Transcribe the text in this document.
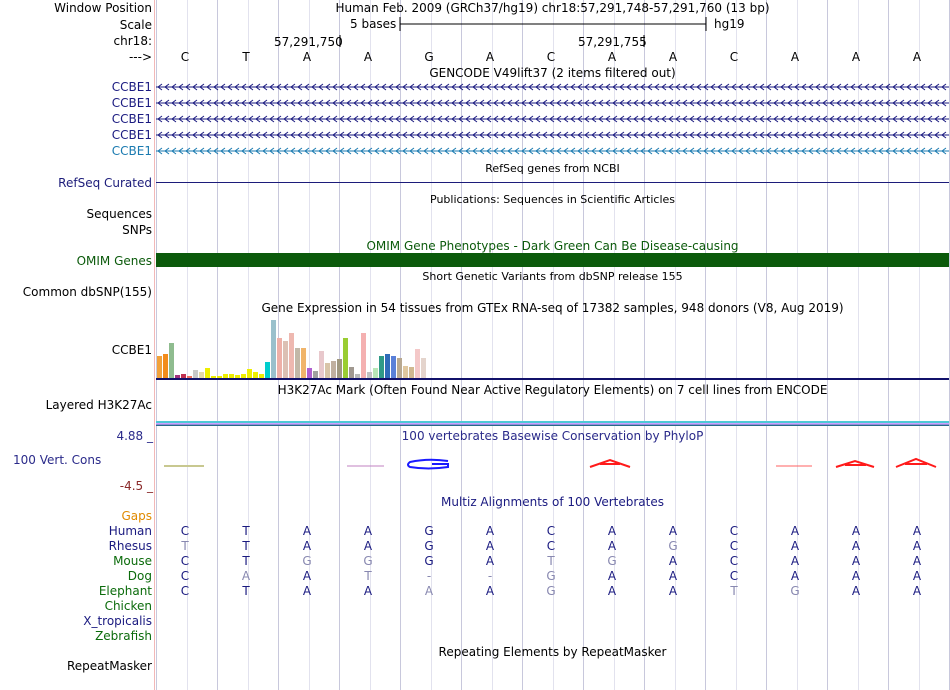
Window Position	Human Feb. 2009 (GRCh37/hg19) chr18:57,291,748-57,291,760 (13 bp)
Scale	5 bases	hg19
chr18:	57,291,750	57,291,755
--->	C	T	A	A	G	A	C	A	A	C	A	A	A
GENCODE V49lift37 (2 items filtered out)
CCBE1
CCBE1
CCBE1
CCBE1
CCBE1
RefSeq genes from NCBI
RefSeq Curated
Publications: Sequences in Scientific Articles
Sequences
SNPs
OMIM Gene Phenotypes - Dark Green Can Be Disease-causing
OMIM Genes
Short Genetic Variants from dbSNP release 155
Common dbSNP(155)
Gene Expression in 54 tissues from GTEx RNA-seq of 17382 samples, 948 donors (V8, Aug 2019)
CCBE1
H3K27Ac Mark (Often Found Near Active Regulatory Elements) on 7 cell lines from ENCODE
Layered H3K27Ac
100 vertebrates Basewise Conservation by PhyloP
4.88 _
100 Vert. Cons
-4.5 _
Multiz Alignments of 100 Vertebrates
Gaps
Human	C	T	A	A	G	A	C	A	A	C	A	A	A
Rhesus	T	T	A	A	G	A	C	A	G	C	A	A	A
Mouse	C	T	G	G	G	A	T	G	A	C	A	A	A
Dog	C	A	A	T	-	-	G	A	A	C	A	A	A
Elephant	C	T	A	A	A	A	G	A	A	T	G	A	A
Chicken
X_tropicalis
Zebrafish
Repeating Elements by RepeatMasker
RepeatMasker
